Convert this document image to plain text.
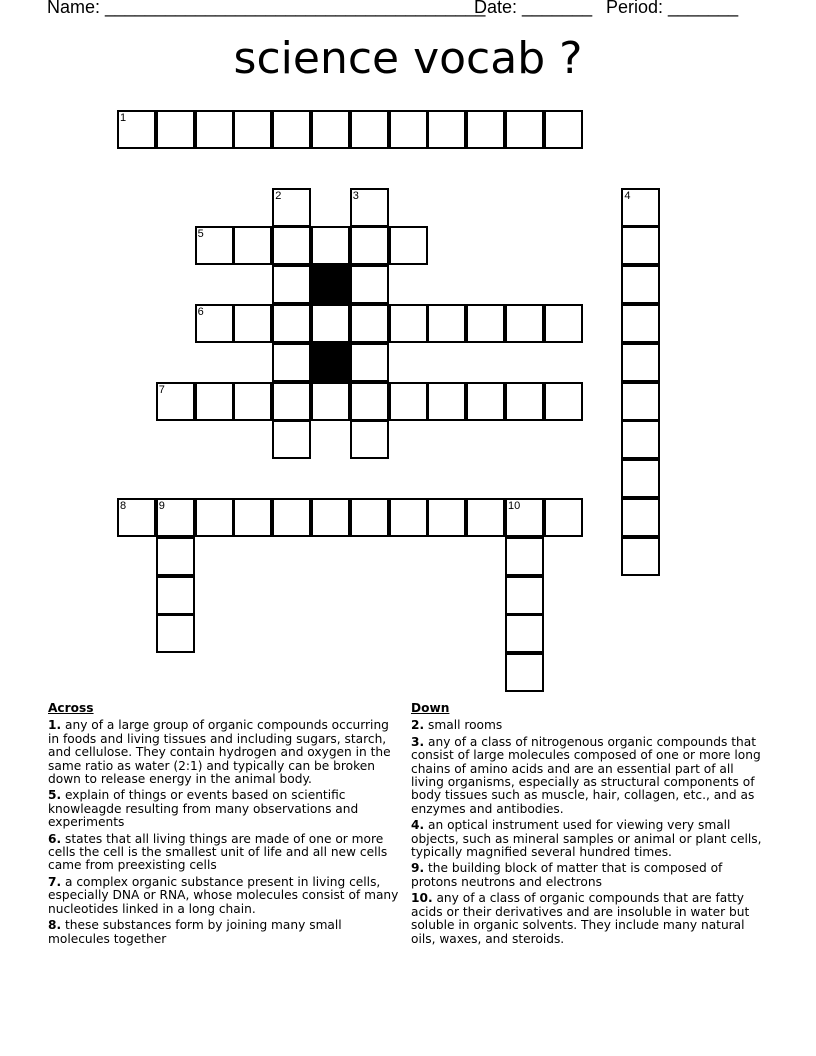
Name: ______________________________________
Date: _______ Period: _______
science vocab ?
1
2	3	4
5
6
7
8	9	10
Across
1. any of a large group of organic compounds occurring in foods and living tissues and including sugars, starch, and cellulose. They contain hydrogen and oxygen in the same ratio as water (2:1) and typically can be broken down to release energy in the animal body.
5. explain of things or events based on scientific knowleagde resulting from many observations and experiments
6. states that all living things are made of one or more cells the cell is the smallest unit of life and all new cells came from preexisting cells
7. a complex organic substance present in living cells, especially DNA or RNA, whose molecules consist of many nucleotides linked in a long chain.
8. these substances form by joining many small molecules together
Down
2. small rooms
3. any of a class of nitrogenous organic compounds that consist of large molecules composed of one or more long chains of amino acids and are an essential part of all living organisms, especially as structural components of body tissues such as muscle, hair, collagen, etc., and as enzymes and antibodies.
4. an optical instrument used for viewing very small objects, such as mineral samples or animal or plant cells, typically magnified several hundred times.
9. the building block of matter that is composed of protons neutrons and electrons
10. any of a class of organic compounds that are fatty acids or their derivatives and are insoluble in water but soluble in organic solvents. They include many natural oils, waxes, and steroids.
